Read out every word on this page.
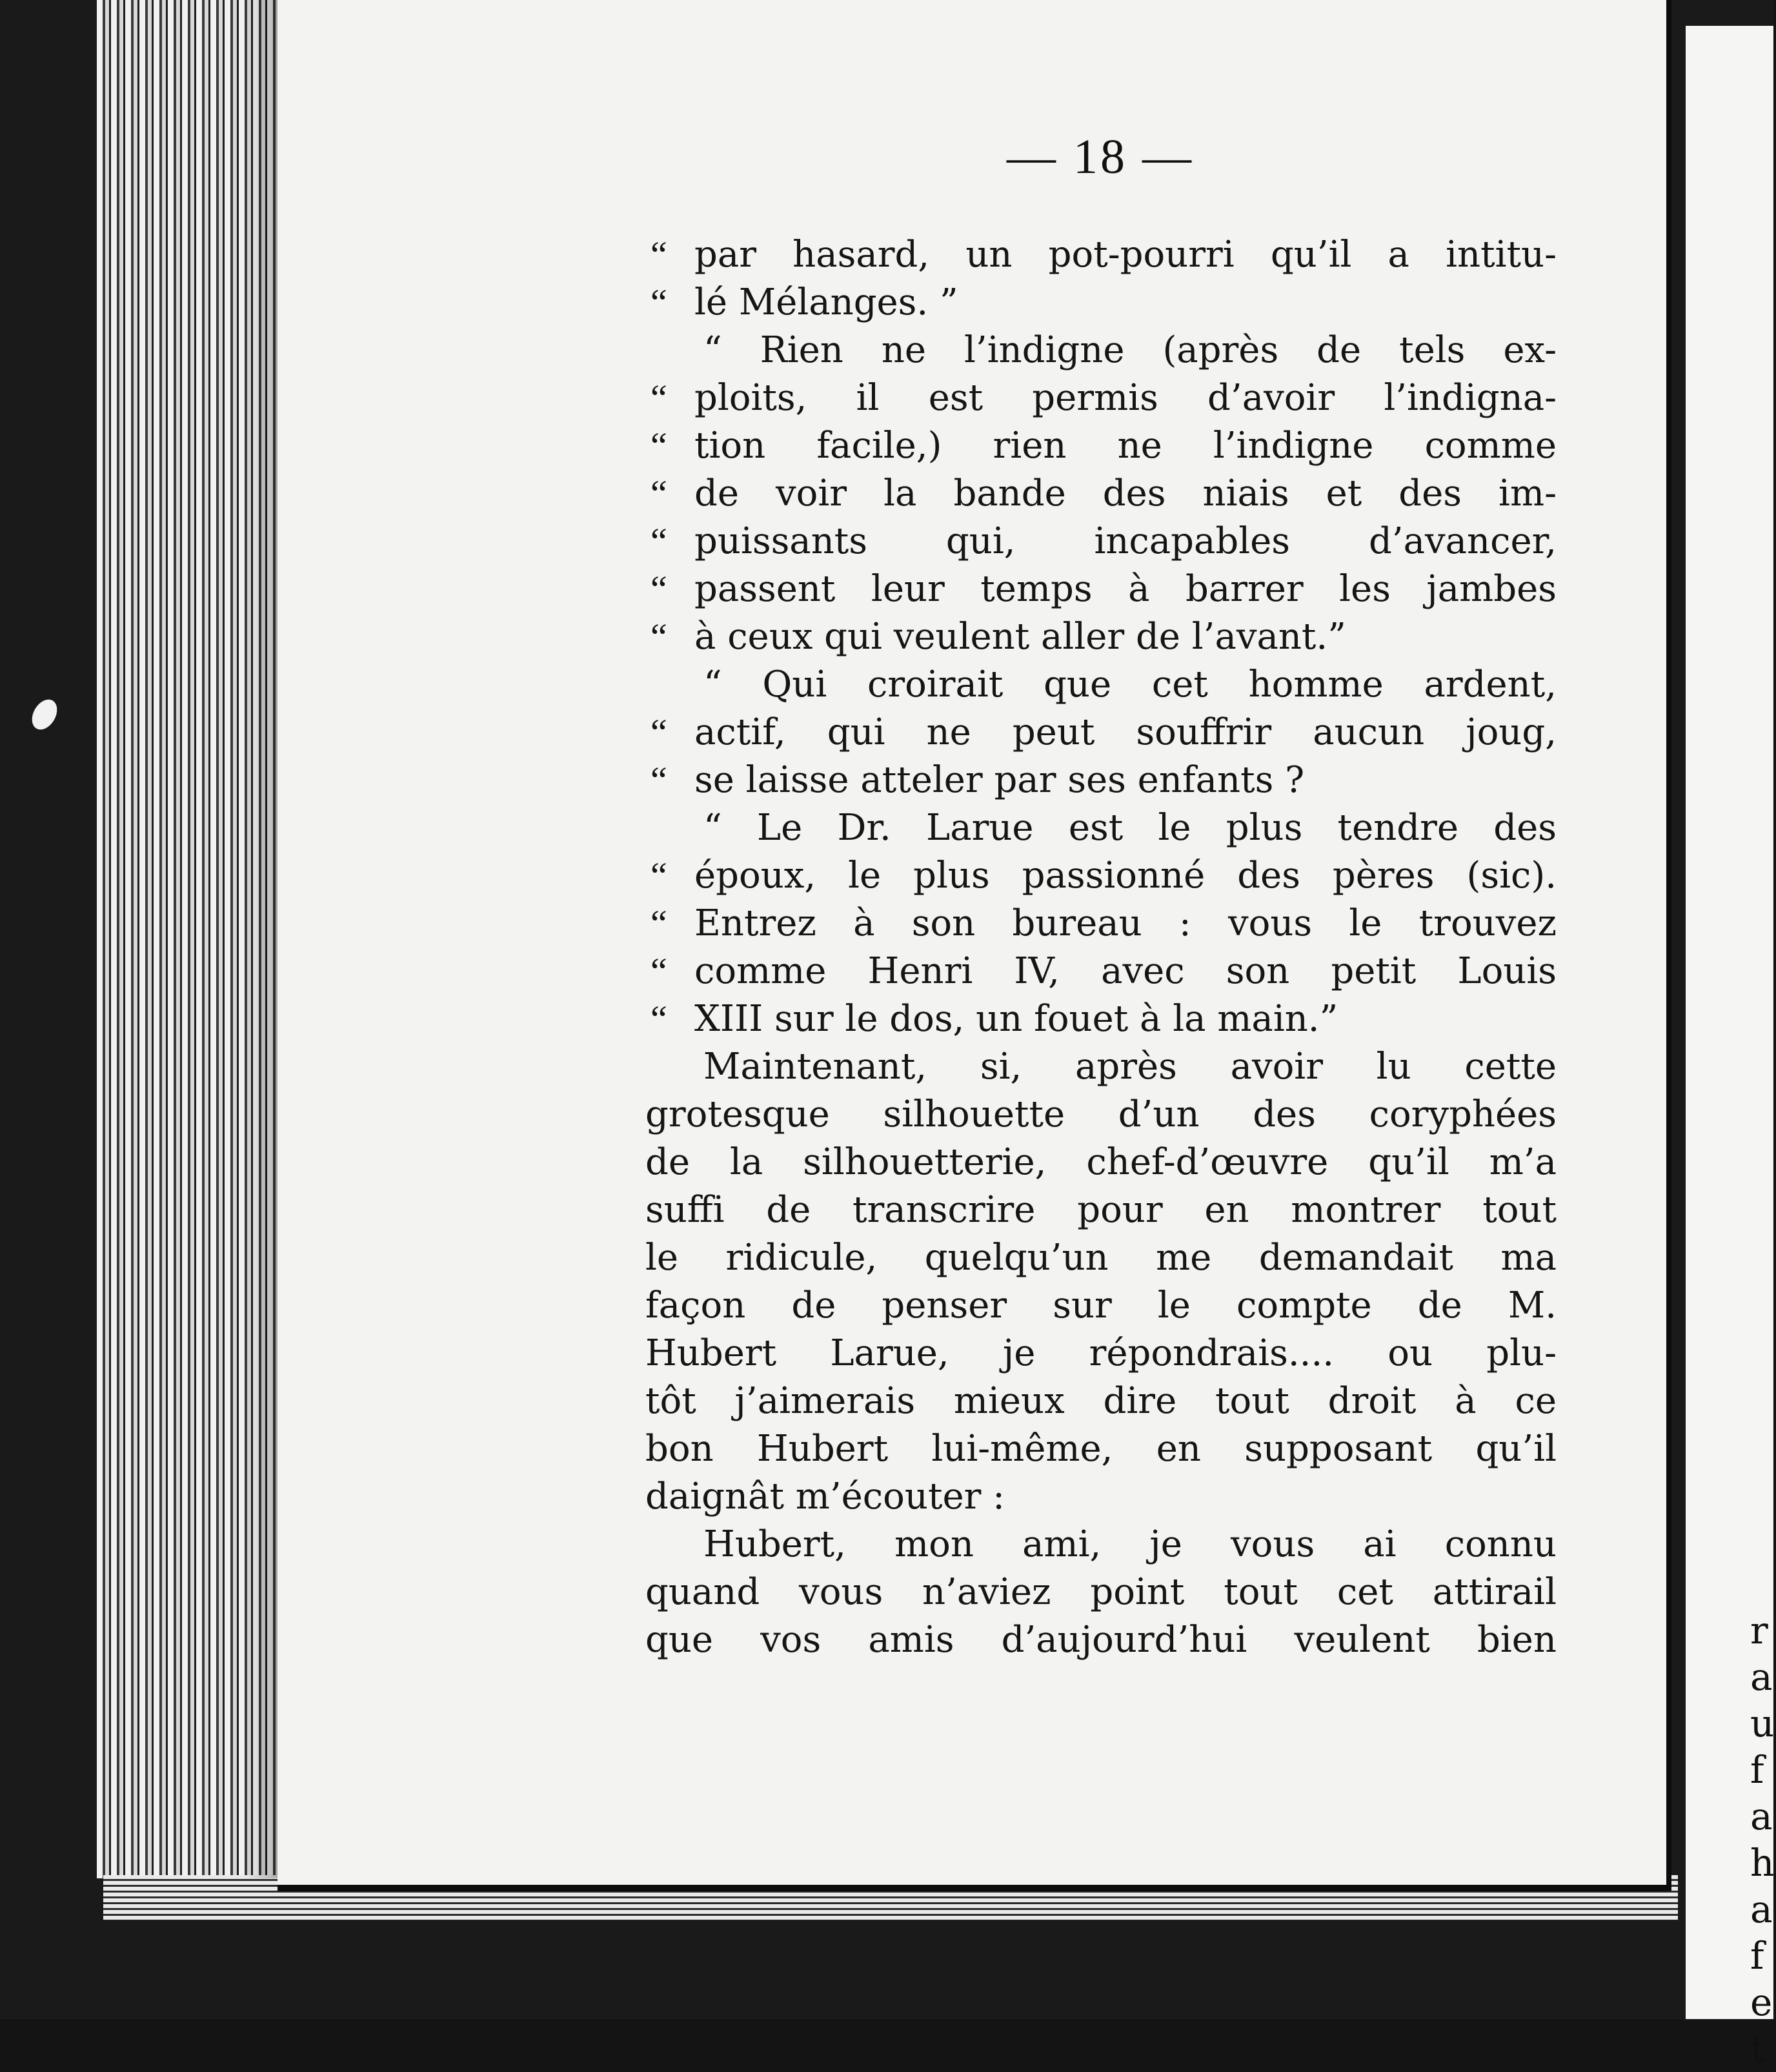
— 18 —
“ par hasard, un pot-pourri qu’il a intitu-
“ lé Mélanges. ”
“ Rien ne l’indigne (après de tels ex-
“ ploits, il est permis d’avoir l’indigna-
“ tion facile,) rien ne l’indigne comme
“ de voir la bande des niais et des im-
“ puissants qui, incapables d’avancer,
“ passent leur temps à barrer les jambes
“ à ceux qui veulent aller de l’avant.”
“ Qui croirait que cet homme ardent,
“ actif, qui ne peut souffrir aucun joug,
“ se laisse atteler par ses enfants ?
“ Le Dr. Larue est le plus tendre des
“ époux, le plus passionné des pères (sic).
“ Entrez à son bureau : vous le trouvez
“ comme Henri IV, avec son petit Louis
“ XIII sur le dos, un fouet à la main.”
Maintenant, si, après avoir lu cette
grotesque silhouette d’un des coryphées
de la silhouetterie, chef-d’œuvre qu’il m’a
suffi de transcrire pour en montrer tout
le ridicule, quelqu’un me demandait ma
façon de penser sur le compte de M.
Hubert Larue, je répondrais.... ou plu-
tôt j’aimerais mieux dire tout droit à ce
bon Hubert lui-même, en supposant qu’il
daignât m’écouter :
Hubert, mon ami, je vous ai connu
quand vous n’aviez point tout cet attirail
que vos amis d’aujourd’hui veulent bien	r
a
u
f
a
h
a
f
e
t
